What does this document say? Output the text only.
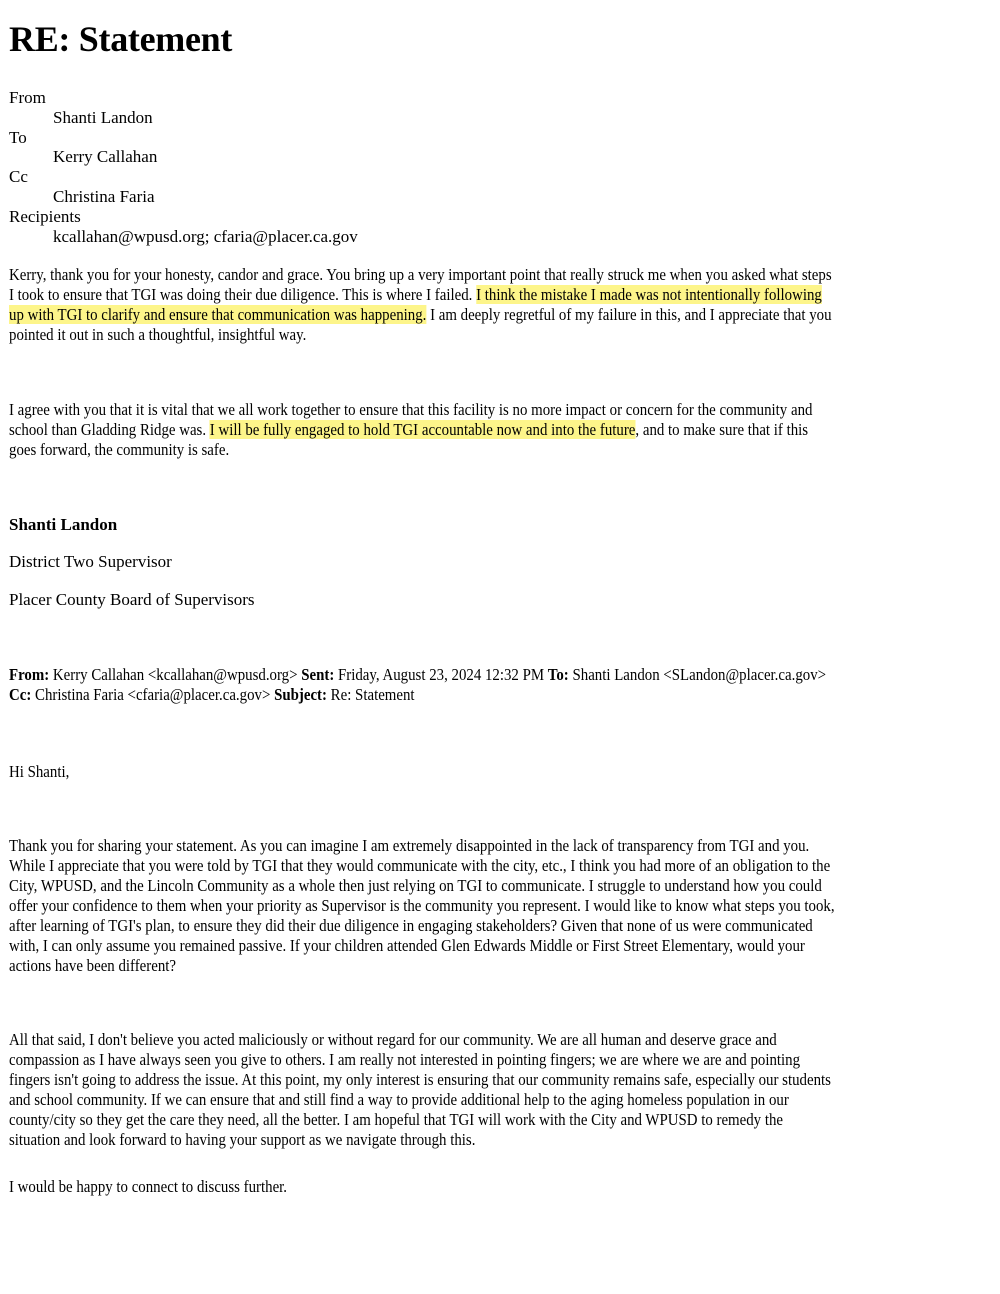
RE: Statement
From
Shanti Landon
To
Kerry Callahan
Cc
Christina Faria
Recipients
kcallahan@wpusd.org; cfaria@placer.ca.gov
Kerry, thank you for your honesty, candor and grace. You bring up a very important point that really struck me when you asked what steps
I took to ensure that TGI was doing their due diligence. This is where I failed. I think the mistake I made was not intentionally following
up with TGI to clarify and ensure that communication was happening. I am deeply regretful of my failure in this, and I appreciate that you
pointed it out in such a thoughtful, insightful way.
I agree with you that it is vital that we all work together to ensure that this facility is no more impact or concern for the community and
school than Gladding Ridge was. I will be fully engaged to hold TGI accountable now and into the future, and to make sure that if this
goes forward, the community is safe.
Shanti Landon
District Two Supervisor
Placer County Board of Supervisors
From: Kerry Callahan <kcallahan@wpusd.org> Sent: Friday, August 23, 2024 12:32 PM To: Shanti Landon <SLandon@placer.ca.gov>
Cc: Christina Faria <cfaria@placer.ca.gov> Subject: Re: Statement
Hi Shanti,
Thank you for sharing your statement. As you can imagine I am extremely disappointed in the lack of transparency from TGI and you.
While I appreciate that you were told by TGI that they would communicate with the city, etc., I think you had more of an obligation to the
City, WPUSD, and the Lincoln Community as a whole then just relying on TGI to communicate. I struggle to understand how you could
offer your confidence to them when your priority as Supervisor is the community you represent. I would like to know what steps you took,
after learning of TGI's plan, to ensure they did their due diligence in engaging stakeholders? Given that none of us were communicated
with, I can only assume you remained passive. If your children attended Glen Edwards Middle or First Street Elementary, would your
actions have been different?
All that said, I don't believe you acted maliciously or without regard for our community. We are all human and deserve grace and
compassion as I have always seen you give to others. I am really not interested in pointing fingers; we are where we are and pointing
fingers isn't going to address the issue. At this point, my only interest is ensuring that our community remains safe, especially our students
and school community. If we can ensure that and still find a way to provide additional help to the aging homeless population in our
county/city so they get the care they need, all the better. I am hopeful that TGI will work with the City and WPUSD to remedy the
situation and look forward to having your support as we navigate through this.
I would be happy to connect to discuss further.
